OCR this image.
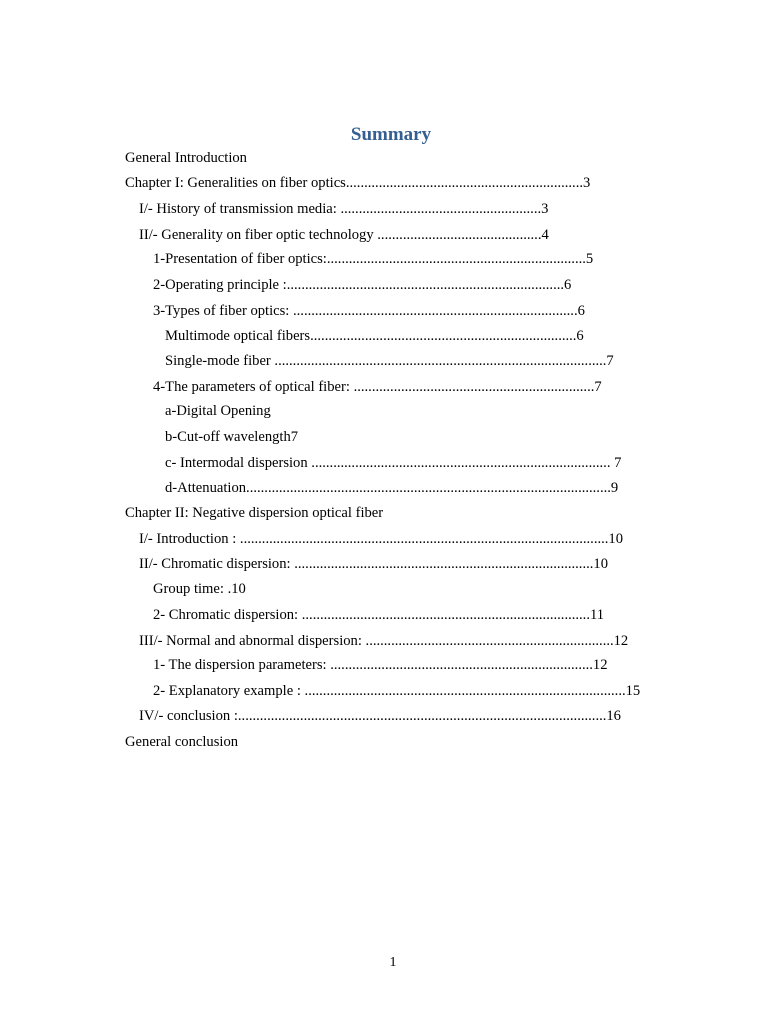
Summary
General Introduction
Chapter I: Generalities on fiber optics.................................................................3
I/- History of transmission media: .......................................................3
II/- Generality on fiber optic technology .............................................4
1-Presentation of fiber optics:.......................................................................5
2-Operating principle :............................................................................6
3-Types of fiber optics: ..............................................................................6
Multimode optical fibers.........................................................................6
Single-mode fiber ...........................................................................................7
4-The parameters of optical fiber: ..................................................................7
a-Digital Opening
b-Cut-off wavelength7
c- Intermodal dispersion .................................................................................. 7
d-Attenuation....................................................................................................9
Chapter II: Negative dispersion optical fiber
I/- Introduction : .....................................................................................................10
II/- Chromatic dispersion: ..................................................................................10
Group time: .10
2- Chromatic dispersion: ...............................................................................11
III/- Normal and abnormal dispersion: ....................................................................12
1- The dispersion parameters: ........................................................................12
2- Explanatory example : ........................................................................................15
IV/- conclusion :.....................................................................................................16
General conclusion
1
